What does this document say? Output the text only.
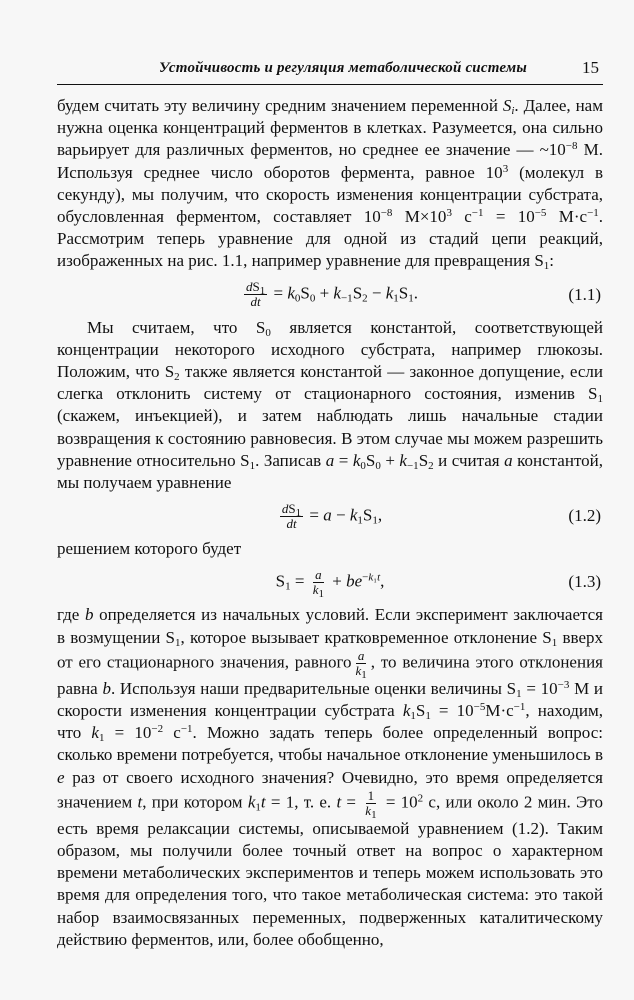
Устойчивость и регуляция метаболической системы	15

будем считать эту величину средним значением переменной $S_i$. Далее, нам нужна оценка концентраций ферментов в клетках. Разумеется, она сильно варьирует для различных ферментов, но среднее ее значение — $\sim 10^{-8}$ М. Используя среднее число оборотов фермента, равное $10^3$ (молекул в секунду), мы получим, что скорость изменения концентрации субстрата, обусловленная ферментом, составляет $10^{-8}$ $М\times 10^3$ $с^{-1} = 10^{-5}$ $М\cdot с^{-1}$. Рассмотрим теперь уравнение для одной из стадий цепи реакций, изображенных на рис. 1.1, например уравнение для превращения $S_1$:

$\frac{dS_1}{dt} = k_0S_0 + k_{-1}S_2 - k_1S_1$.	(1.1)

Мы считаем, что $S_0$ является константой, соответствующей концентрации некоторого исходного субстрата, например глюкозы. Положим, что $S_2$ также является константой — законное допущение, если слегка отклонить систему от стационарного состояния, изменив $S_1$ (скажем, инъекцией), и затем наблюдать лишь начальные стадии возвращения к состоянию равновесия. В этом случае мы можем разрешить уравнение относительно $S_1$. Записав $a = k_0S_0 + k_{-1}S_2$ и считая a константой, мы получаем уравнение

$\frac{dS_1}{dt} = a - k_1S_1$,	(1.2)

решением которого будет

$S_1 = \frac{a}{k_1} + be^{-k_1t}$,	(1.3)

где b определяется из начальных условий. Если эксперимент заключается в возмущении $S_1$, которое вызывает кратковременное отклонение $S_1$ вверх от его стационарного значения, равного $\frac{a}{k_1}$ , то величина этого отклонения равна b. Используя наши предварительные оценки величины $S_1 = 10^{-3}$ М и скорости изменения концентрации субстрата $k_1S_1 = 10^{-5}М\cdot с^{-1}$, находим, что $k_1 = 10^{-2}$ $с^{-1}$. Можно задать теперь более определенный вопрос: сколько времени потребуется, чтобы начальное отклонение уменьшилось в e раз от своего исходного значения? Очевидно, это время определяется значением t, при котором $k_1t = 1$, т. е. $t = \frac{1}{k_1} = 10^2$ с, или около 2 мин. Это есть время релаксации системы, описываемой уравнением (1.2). Таким образом, мы получили более точный ответ на вопрос о характерном времени метаболических экспериментов и теперь можем использовать это время для определения того, что такое метаболическая система: это такой набор взаимосвязанных переменных, подверженных каталитическому действию ферментов, или, более обобщенно,
